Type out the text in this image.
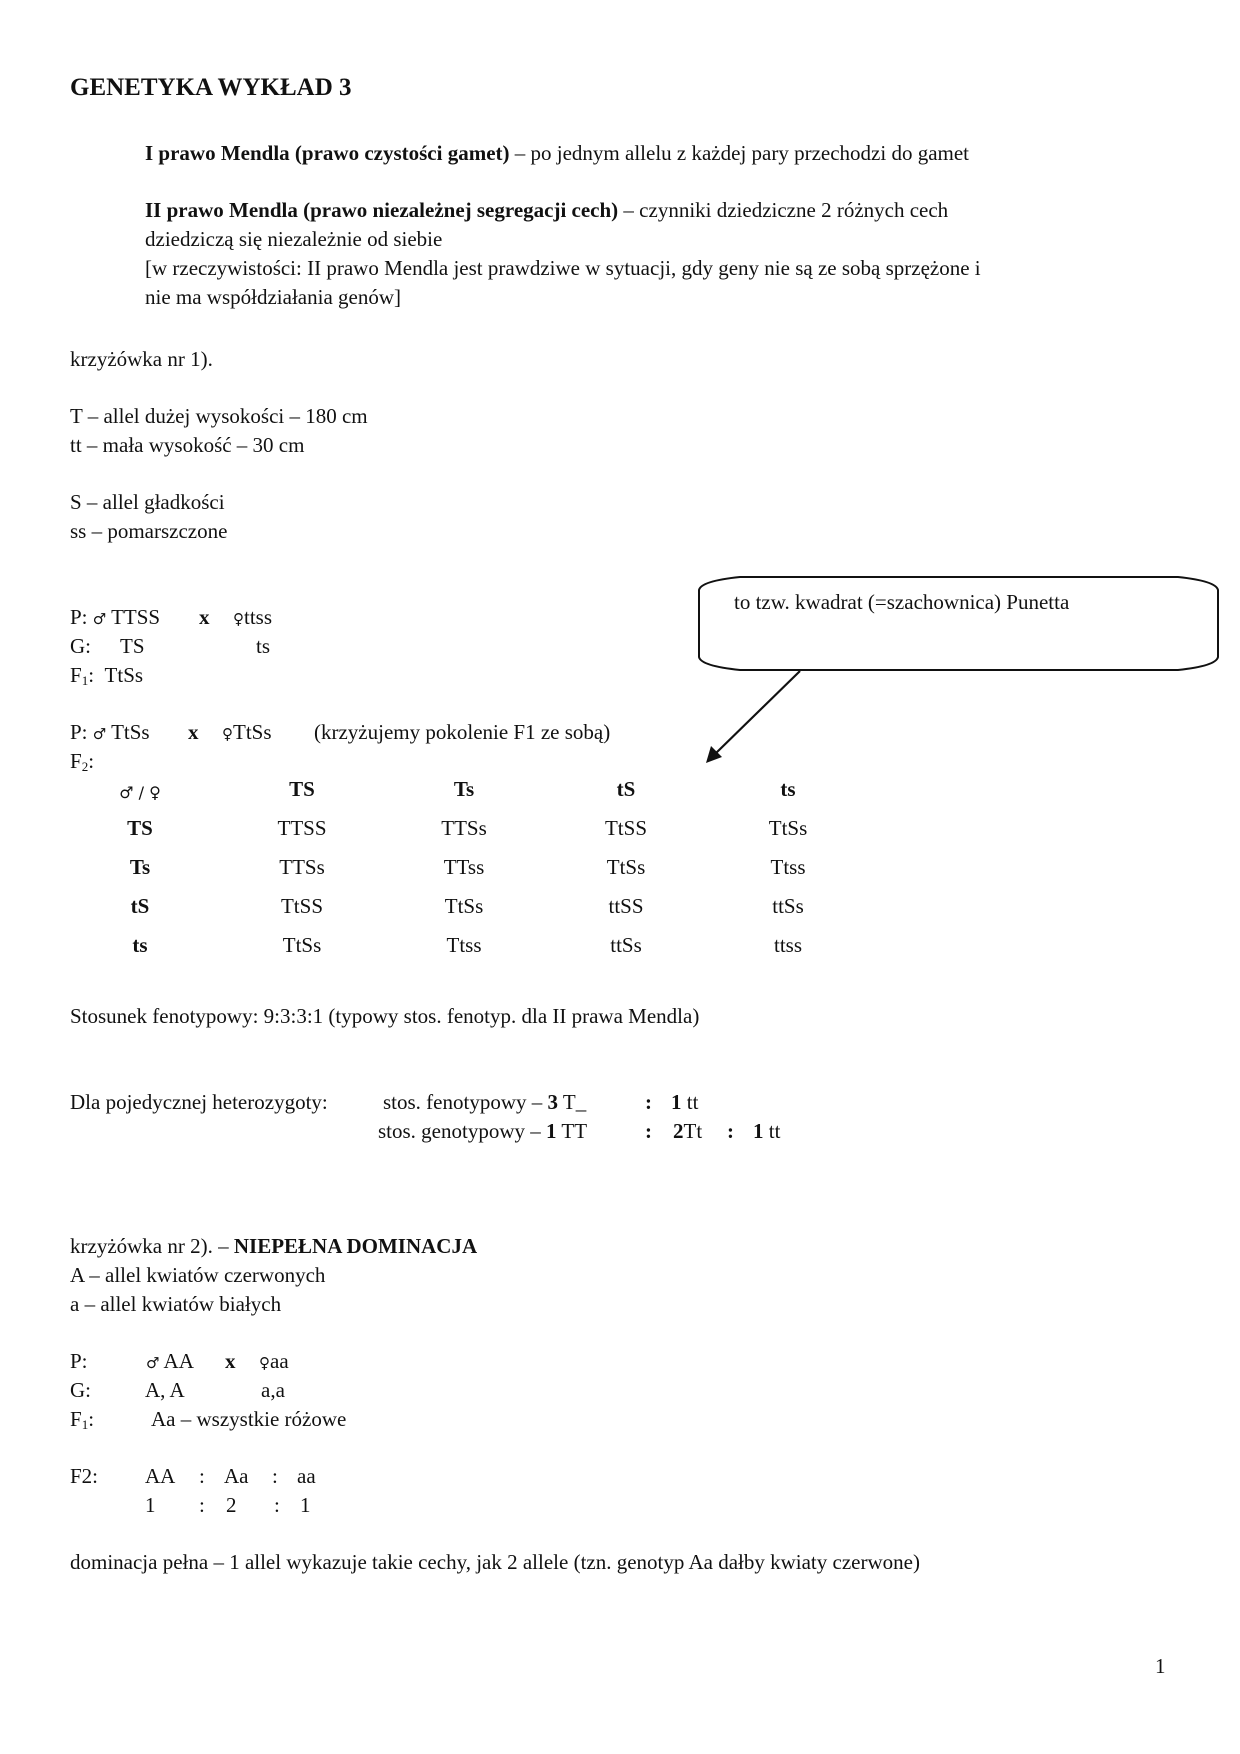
GENETYKA WYKŁAD 3
I prawo Mendla (prawo czystości gamet) – po jednym allelu z każdej pary przechodzi do gamet
II prawo Mendla (prawo niezależnej segregacji cech) – czynniki dziedziczne 2 różnych cech
dziedziczą się niezależnie od siebie
[w rzeczywistości: II prawo Mendla jest prawdziwe w sytuacji, gdy geny nie są ze sobą sprzężone i
nie ma współdziałania genów]
krzyżówka nr 1).
T – allel dużej wysokości – 180 cm
tt – mała wysokość – 30 cm
S – allel gładkości
ss – pomarszczone
P: ♂ TTSS x ♀ttss
G: TS	ts
$F_1$: TtSs
P: ♂ TtSs x ♀TtSs (krzyżujemy pokolenie F1 ze sobą)
$F_2$:
♂ / ♀	TS	Ts	tS	ts
TS	TTSS	TTSs	TtSS	TtSs
Ts	TTSs	TTss	TtSs	Ttss
tS	TtSS	TtSs	ttSS	ttSs
ts	TtSs	Ttss	ttSs	ttss
to tzw. kwadrat (=szachownica) Punetta
Stosunek fenotypowy: 9:3:3:1 (typowy stos. fenotyp. dla II prawa Mendla)
Dla pojedycznej heterozygoty:	stos. fenotypowy – 3 T_	: 1 tt
stos. genotypowy – 1 TT	: 2Tt : 1 tt
krzyżówka nr 2). – NIEPEŁNA DOMINACJA
A – allel kwiatów czerwonych
a – allel kwiatów białych
P:	♂ AA x ♀aa
G:	A, A	a,a
$F_1$:	Aa – wszystkie różowe
F2: AA : Aa : aa
1 : 2 : 1
dominacja pełna – 1 allel wykazuje takie cechy, jak 2 allele (tzn. genotyp Aa dałby kwiaty czerwone)
1
